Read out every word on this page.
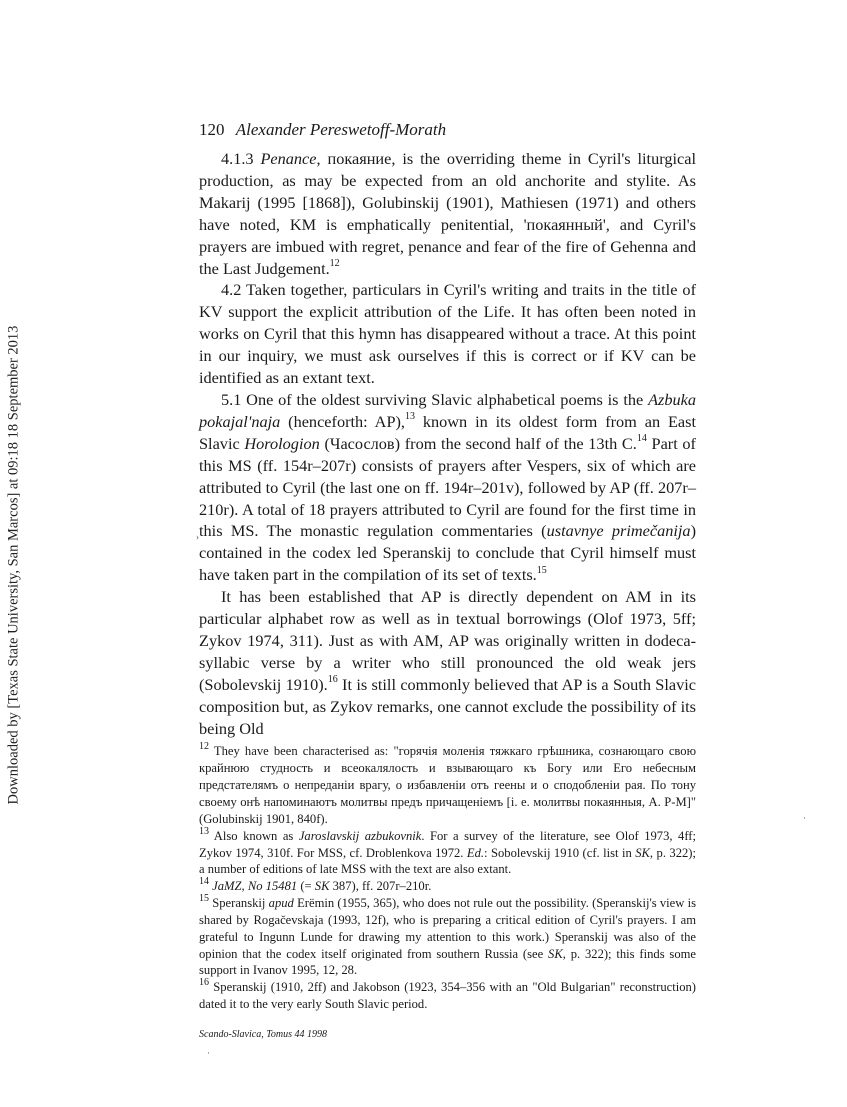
Downloaded by [Texas State University, San Marcos] at 09:18 18 September 2013
120 Alexander Pereswetoff-Morath

4.1.3 Penance, покаяние, is the overriding theme in Cyril's liturgical production, as may be expected from an old anchorite and stylite. As Makarij (1995 [1868]), Golubinskij (1901), Mathiesen (1971) and others have noted, KM is emphatically penitential, 'покаянный', and Cyril's prayers are imbued with regret, penance and fear of the fire of Gehenna and the Last Judgement.$^{12}$

4.2 Taken together, particulars in Cyril's writing and traits in the title of KV support the explicit attribution of the Life. It has often been noted in works on Cyril that this hymn has disappeared without a trace. At this point in our inquiry, we must ask ourselves if this is correct or if KV can be identified as an extant text.

5.1 One of the oldest surviving Slavic alphabetical poems is the Azbuka pokajal'naja (henceforth: AP),$^{13}$ known in its oldest form from an East Slavic Horologion (Часослов) from the second half of the 13th C.$^{14}$ Part of this MS (ff. 154r–207r) consists of prayers after Vespers, six of which are attributed to Cyril (the last one on ff. 194r–201v), followed by AP (ff. 207r–210r). A total of 18 prayers attributed to Cyril are found for the first time in this MS. The monastic regulation commentaries (ustavnye primečanija) contained in the codex led Speranskij to conclude that Cyril himself must have taken part in the compilation of its set of texts.$^{15}$

It has been established that AP is directly dependent on AM in its particular alphabet row as well as in textual borrowings (Olof 1973, 5ff; Zykov 1974, 311). Just as with AM, AP was originally written in dodeca-syllabic verse by a writer who still pronounced the old weak jers (Sobolevskij 1910).$^{16}$ It is still commonly believed that AP is a South Slavic composition but, as Zykov remarks, one cannot exclude the possibility of its being Old

$^{12}$ They have been characterised as: "горячія моленія тяжкаго грѣшника, сознающаго свою крайнюю студность и всеокалялость и взывающаго къ Богу или Его небесным предстателямъ о непреданіи врагу, о избавленіи отъ геены и о сподобленіи рая. По тону своему онѣ напоминаютъ молитвы предъ причащеніемъ [i. e. молитвы покаянныя, A. P-M]" (Golubinskij 1901, 840f).

$^{13}$ Also known as Jaroslavskij azbukovnik. For a survey of the literature, see Olof 1973, 4ff; Zykov 1974, 310f. For MSS, cf. Droblenkova 1972. Ed.: Sobolevskij 1910 (cf. list in SK, p. 322); a number of editions of late MSS with the text are also extant.

$^{14}$ JaMZ, No 15481 (= SK 387), ff. 207r–210r.

$^{15}$ Speranskij apud Erëmin (1955, 365), who does not rule out the possibility. (Speranskij's view is shared by Rogačevskaja (1993, 12f), who is preparing a critical edition of Cyril's prayers. I am grateful to Ingunn Lunde for drawing my attention to this work.) Speranskij was also of the opinion that the codex itself originated from southern Russia (see SK, p. 322); this finds some support in Ivanov 1995, 12, 28.

$^{16}$ Speranskij (1910, 2ff) and Jakobson (1923, 354–356 with an "Old Bulgarian" reconstruction) dated it to the very early South Slavic period.

Scando-Slavica, Tomus 44 1998
›
·
·
